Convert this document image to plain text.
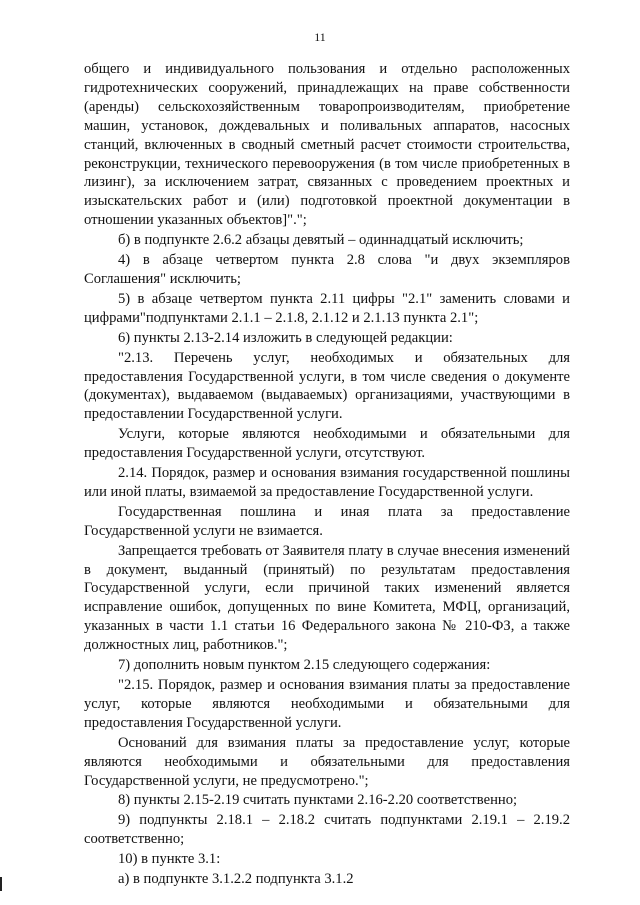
11

общего и индивидуального пользования и отдельно расположенных гидротехнических сооружений, принадлежащих на праве собственности (аренды) сельскохозяйственным товаропроизводителям, приобретение машин, установок, дождевальных и поливальных аппаратов, насосных станций, включенных в сводный сметный расчет стоимости строительства, реконструкции, технического перевооружения (в том числе приобретенных в лизинг), за исключением затрат, связанных с проведением проектных и изыскательских работ и (или) подготовкой проектной документации в отношении указанных объектов]".";

б) в подпункте 2.6.2 абзацы девятый – одиннадцатый исключить;

4) в абзаце четвертом пункта 2.8 слова "и двух экземпляров Соглашения" исключить;

5) в абзаце четвертом пункта 2.11 цифры "2.1" заменить словами и цифрами"подпунктами 2.1.1 – 2.1.8, 2.1.12 и 2.1.13 пункта 2.1";

6) пункты 2.13-2.14 изложить в следующей редакции:

"2.13. Перечень услуг, необходимых и обязательных для предоставления Государственной услуги, в том числе сведения о документе (документах), выдаваемом (выдаваемых) организациями, участвующими в предоставлении Государственной услуги.

Услуги, которые являются необходимыми и обязательными для предоставления Государственной услуги, отсутствуют.

2.14. Порядок, размер и основания взимания государственной пошлины или иной платы, взимаемой за предоставление Государственной услуги.

Государственная пошлина и иная плата за предоставление Государственной услуги не взимается.

Запрещается требовать от Заявителя плату в случае внесения изменений в документ, выданный (принятый) по результатам предоставления Государственной услуги, если причиной таких изменений является исправление ошибок, допущенных по вине Комитета, МФЦ, организаций, указанных в части 1.1 статьи 16 Федерального закона № 210-ФЗ, а также должностных лиц, работников.";

7) дополнить новым пунктом 2.15 следующего содержания:

"2.15. Порядок, размер и основания взимания платы за предоставление услуг, которые являются необходимыми и обязательными для предоставления Государственной услуги.

Оснований для взимания платы за предоставление услуг, которые являются необходимыми и обязательными для предоставления Государственной услуги, не предусмотрено.";

8) пункты 2.15-2.19 считать пунктами 2.16-2.20 соответственно;

9) подпункты 2.18.1 – 2.18.2 считать подпунктами 2.19.1 – 2.19.2 соответственно;

10) в пункте 3.1:

а) в подпункте 3.1.2.2 подпункта 3.1.2
